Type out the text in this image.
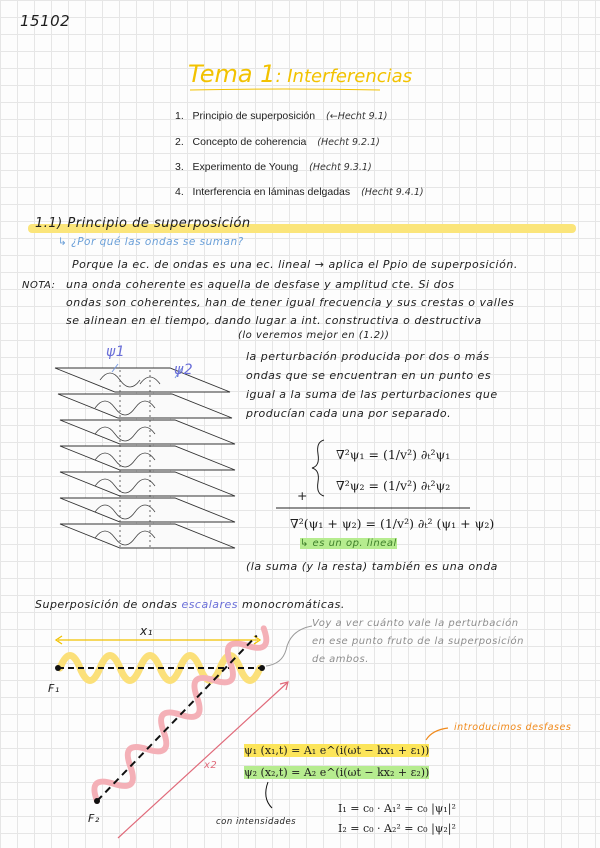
15102
Tema 1: Interferencias
1. Principio de superposición (←Hecht 9.1)
2. Concepto de coherencia (Hecht 9.2.1)
3. Experimento de Young (Hecht 9.3.1)
4. Interferencia en láminas delgadas (Hecht 9.4.1)
1.1) Principio de superposición
↳ ¿Por qué las ondas se suman?
Porque la ec. de ondas es una ec. lineal → aplica el Ppio de superposición.
NOTA: una onda coherente es aquella de desfase y amplitud cte. Si dos
ondas son coherentes, han de tener igual frecuencia y sus crestas o valles
se alinean en el tiempo, dando lugar a int. constructiva o destructiva
(lo veremos mejor en (1.2))
ψ1
ψ2
la perturbación producida por dos o más
ondas que se encuentran en un punto es
igual a la suma de las perturbaciones que
producían cada una por separado.
∇²ψ₁ = (1/v²) ∂ₜ²ψ₁
∇²ψ₂ = (1/v²) ∂ₜ²ψ₂
+
∇²(ψ₁ + ψ₂) = (1/v²) ∂ₜ² (ψ₁ + ψ₂)
↳ es un op. lineal
(la suma (y la resta) también es una onda
Superposición de ondas escalares monocromáticas.
Voy a ver cuánto vale la perturbación
en ese punto fruto de la superposición
de ambos.
x₁
F₁
F₂
x2
introducimos desfases
ψ₁ (x₁,t) = A₁ e^(i(ωt − kx₁ + ε₁))
ψ₂ (x₂,t) = A₂ e^(i(ωt − kx₂ + ε₂))
con intensidades
I₁ = c₀ · A₁² = c₀ |ψ₁|²
I₂ = c₀ · A₂² = c₀ |ψ₂|²
